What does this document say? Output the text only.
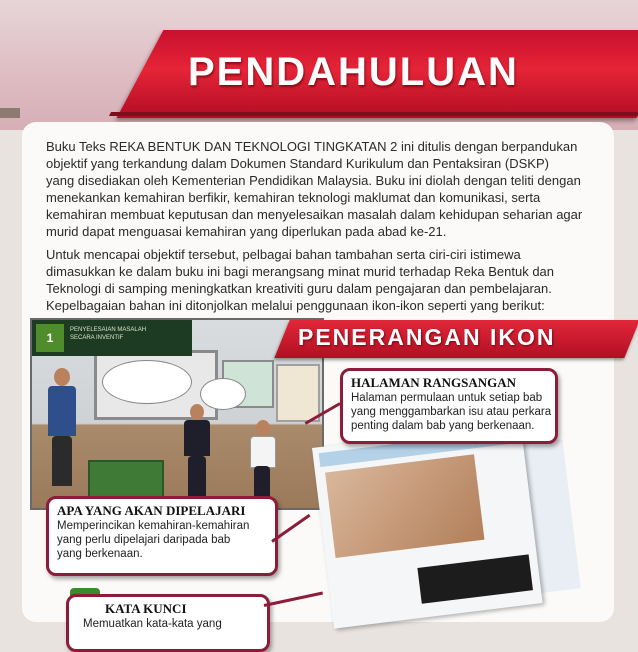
PENDAHULUAN
Buku Teks REKA BENTUK DAN TEKNOLOGI TINGKATAN 2 ini ditulis dengan berpandukan
objektif yang terkandung dalam Dokumen Standard Kurikulum dan Pentaksiran (DSKP)
yang disediakan oleh Kementerian Pendidikan Malaysia. Buku ini diolah dengan teliti dengan
menekankan kemahiran berfikir, kemahiran teknologi maklumat dan komunikasi, serta
kemahiran membuat keputusan dan menyelesaikan masalah dalam kehidupan seharian agar
murid dapat menguasai kemahiran yang diperlukan pada abad ke-21.
Untuk mencapai objektif tersebut, pelbagai bahan tambahan serta ciri-ciri istimewa
dimasukkan ke dalam buku ini bagi merangsang minat murid terhadap Reka Bentuk dan
Teknologi di samping meningkatkan kreativiti guru dalam pengajaran dan pembelajaran.
Kepelbagaian bahan ini ditonjolkan melalui penggunaan ikon-ikon seperti yang berikut:
1
PENYELESAIAN MASALAH
SECARA INVENTIF	PENERANGAN IKON
HALAMAN RANGSANGAN
Halaman permulaan untuk setiap bab
yang menggambarkan isu atau perkara
penting dalam bab yang berkenaan.
APA YANG AKAN DIPELAJARI
Memperincikan kemahiran-kemahiran
yang perlu dipelajari daripada bab
yang berkenaan.
KATA KUNCI
Memuatkan kata-kata yang
